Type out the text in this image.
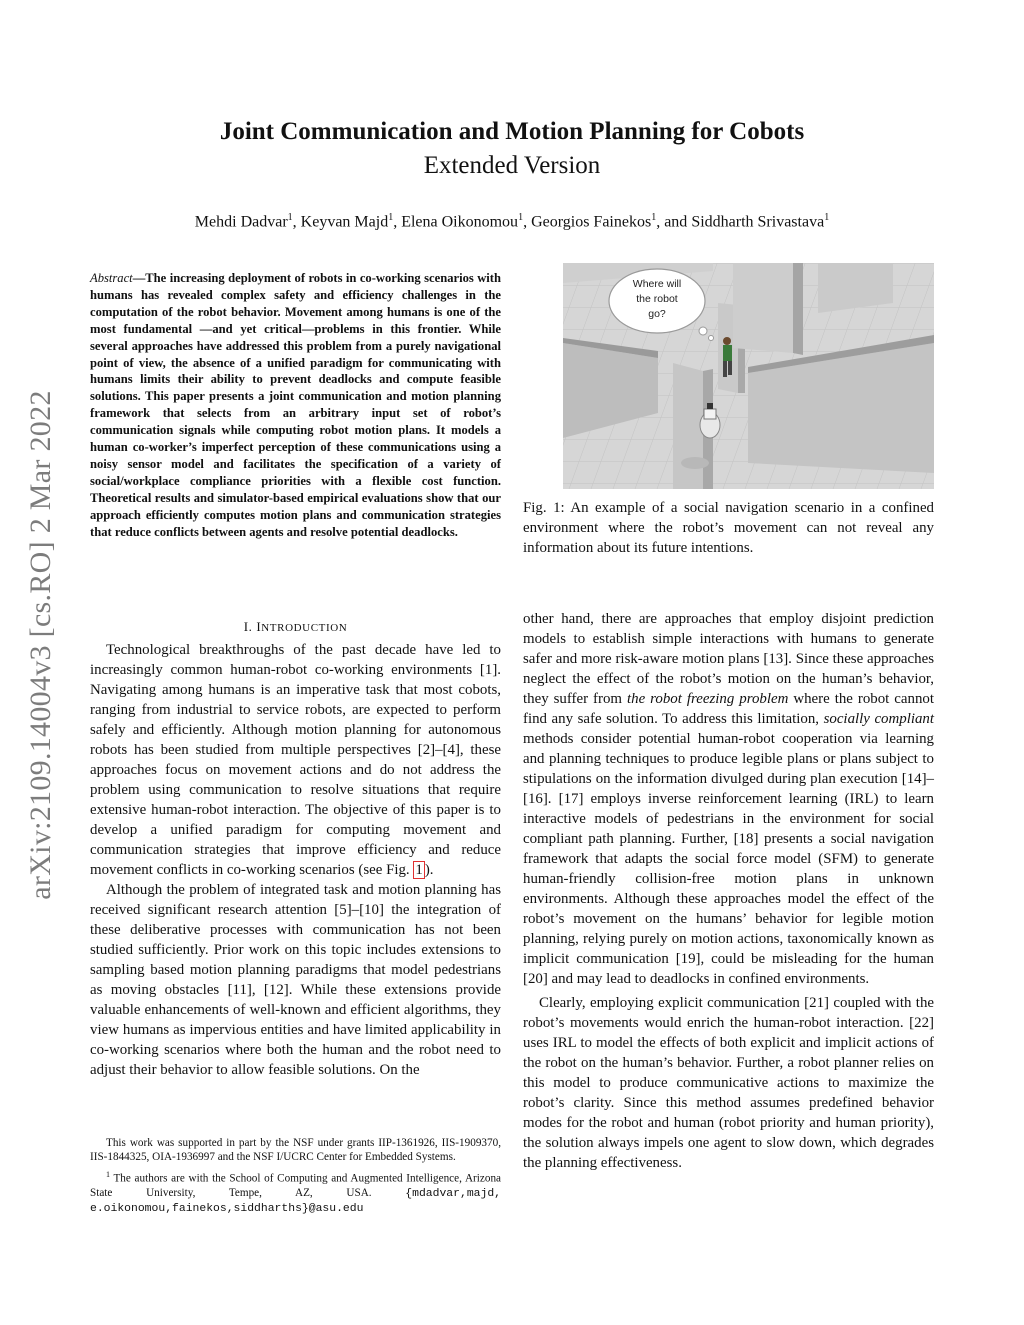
arXiv:2109.14004v3 [cs.RO] 2 Mar 2022
Joint Communication and Motion Planning for Cobots
Extended Version
Mehdi Dadvar$^1$, Keyvan Majd$^1$, Elena Oikonomou$^1$, Georgios Fainekos$^1$, and Siddharth Srivastava$^1$
Abstract—The increasing deployment of robots in co-working scenarios with humans has revealed complex safety and efficiency challenges in the computation of the robot behavior. Movement among humans is one of the most fundamental —and yet critical—problems in this frontier. While several approaches have addressed this problem from a purely navigational point of view, the absence of a unified paradigm for communicating with humans limits their ability to prevent deadlocks and compute feasible solutions. This paper presents a joint communication and motion planning framework that selects from an arbitrary input set of robot’s communication signals while computing robot motion plans. It models a human co-worker’s imperfect perception of these communications using a noisy sensor model and facilitates the specification of a variety of social/workplace compliance priorities with a flexible cost function. Theoretical results and simulator-based empirical evaluations show that our approach efficiently computes motion plans and communication strategies that reduce conflicts between agents and resolve potential deadlocks.
I. INTRODUCTION

Technological breakthroughs of the past decade have led to increasingly common human-robot co-working environments [1]. Navigating among humans is an imperative task that most cobots, ranging from industrial to service robots, are expected to perform safely and efficiently. Although motion planning for autonomous robots has been studied from multiple perspectives [2]–[4], these approaches focus on movement actions and do not address the problem using communication to resolve situations that require extensive human-robot interaction. The objective of this paper is to develop a unified paradigm for computing movement and communication strategies that improve efficiency and reduce movement conflicts in co-working scenarios (see Fig. 1 ).

Although the problem of integrated task and motion planning has received significant research attention [5]–[10] the integration of these deliberative processes with communication has not been studied sufficiently. Prior work on this topic includes extensions to sampling based motion planning paradigms that model pedestrians as moving obstacles [11], [12]. While these extensions provide valuable enhancements of well-known and efficient algorithms, they view humans as impervious entities and have limited applicability in co-working scenarios where both the human and the robot need to adjust their behavior to allow feasible solutions. On the

This work was supported in part by the NSF under grants IIP-1361926, IIS-1909370, IIS-1844325, OIA-1936997 and the NSF I/UCRC Center for Embedded Systems.

$^1$ The authors are with the School of Computing and Augmented Intelligence, Arizona State University, Tempe, AZ, USA. {mdadvar,majd, e.oikonomou,fainekos,siddharths}@asu.edu

Where will
the robot
go?
Fig. 1: An example of a social navigation scenario in a confined environment where the robot’s movement can not reveal any information about its future intentions.

other hand, there are approaches that employ disjoint prediction models to establish simple interactions with humans to generate safer and more risk-aware motion plans [13]. Since these approaches neglect the effect of the robot’s motion on the human’s behavior, they suffer from the robot freezing problem where the robot cannot find any safe solution. To address this limitation, socially compliant methods consider potential human-robot cooperation via learning and planning techniques to produce legible plans or plans subject to stipulations on the information divulged during plan execution [14]–[16]. [17] employs inverse reinforcement learning (IRL) to learn interactive models of pedestrians in the environment for social compliant path planning. Further, [18] presents a social navigation framework that adapts the social force model (SFM) to generate human-friendly collision-free motion plans in unknown environments. Although these approaches model the effect of the robot’s movement on the humans’ behavior for legible motion planning, relying purely on motion actions, taxonomically known as implicit communication [19], could be misleading for the human [20] and may lead to deadlocks in confined environments.

Clearly, employing explicit communication [21] coupled with the robot’s movements would enrich the human-robot interaction. [22] uses IRL to model the effects of both explicit and implicit actions of the robot on the human’s behavior. Further, a robot planner relies on this model to produce communicative actions to maximize the robot’s clarity. Since this method assumes predefined behavior modes for the robot and human (robot priority and human priority), the solution always impels one agent to slow down, which degrades the planning effectiveness.
